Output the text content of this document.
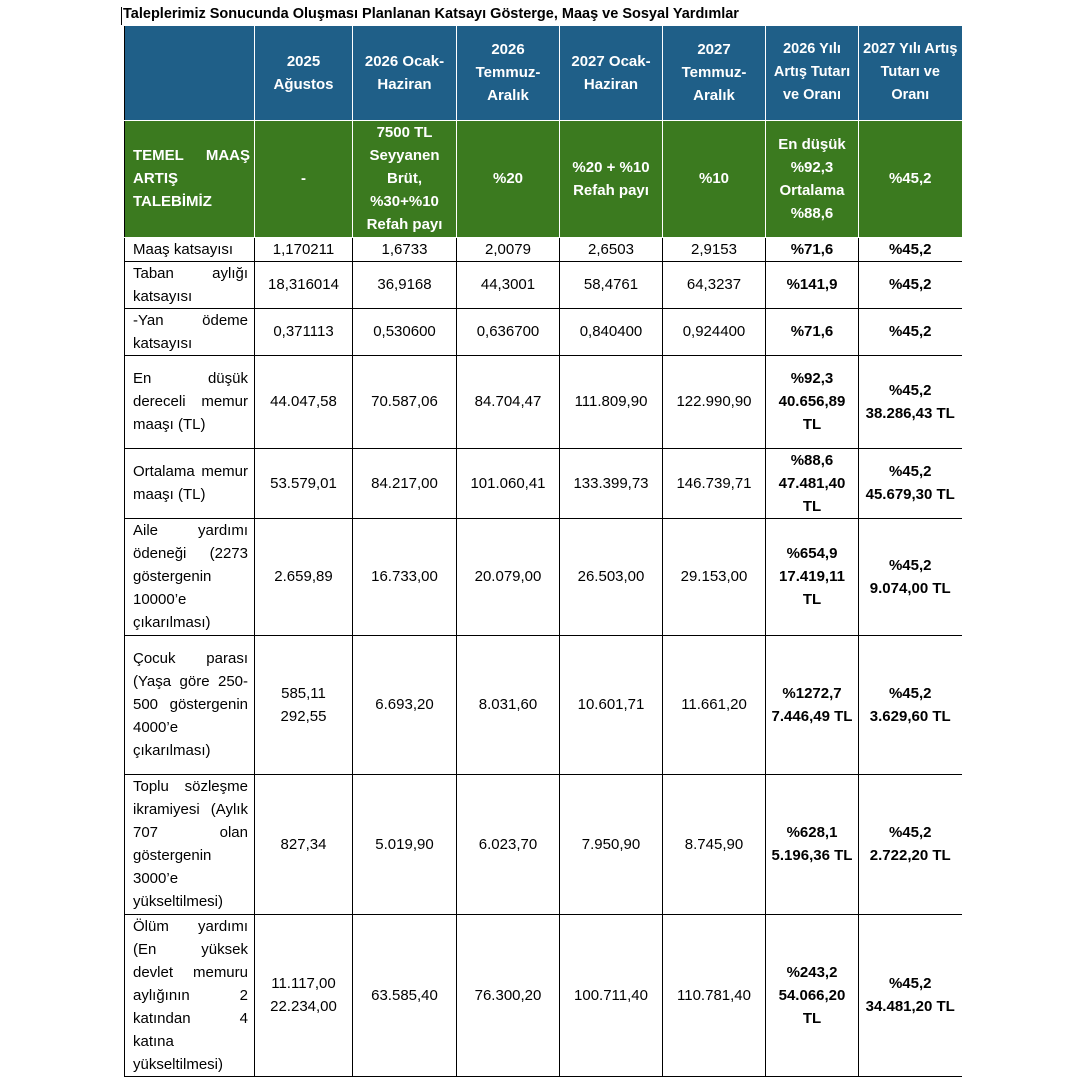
Taleplerimiz Sonucunda Oluşması Planlanan Katsayı Gösterge, Maaş ve Sosyal Yardımlar
	2025 Ağustos	2026 Ocak-Haziran	2026 Temmuz-Aralık	2027 Ocak-Haziran	2027 Temmuz-Aralık	2026 Yılı Artış Tutarı ve Oranı	2027 Yılı Artış Tutarı ve Oranı
TEMEL MAAŞ ARTIŞ TALEBİMİZ	-	7500 TL Seyyanen Brüt, %30+%10 Refah payı	%20	%20 + %10 Refah payı	%10	En düşük %92,3 Ortalama %88,6	%45,2
Maaş katsayısı	1,170211	1,6733	2,0079	2,6503	2,9153	%71,6	%45,2
Taban aylığı katsayısı	18,316014	36,9168	44,3001	58,4761	64,3237	%141,9	%45,2
-Yan ödeme katsayısı	0,371113	0,530600	0,636700	0,840400	0,924400	%71,6	%45,2
En düşük dereceli memur maaşı (TL)	44.047,58	70.587,06	84.704,47	111.809,90	122.990,90	%92,3 40.656,89 TL	%45,2 38.286,43 TL
Ortalama memur maaşı (TL)	53.579,01	84.217,00	101.060,41	133.399,73	146.739,71	%88,6 47.481,40 TL	%45,2 45.679,30 TL
Aile yardımı ödeneği (2273 göstergenin 10000’e çıkarılması)	2.659,89	16.733,00	20.079,00	26.503,00	29.153,00	%654,9 17.419,11 TL	%45,2 9.074,00 TL
Çocuk parası (Yaşa göre 250-500 göstergenin 4000’e çıkarılması)	585,11 292,55	6.693,20	8.031,60	10.601,71	11.661,20	%1272,7 7.446,49 TL	%45,2 3.629,60 TL
Toplu sözleşme ikramiyesi (Aylık 707 olan göstergenin 3000’e yükseltilmesi)	827,34	5.019,90	6.023,70	7.950,90	8.745,90	%628,1 5.196,36 TL	%45,2 2.722,20 TL
Ölüm yardımı (En yüksek devlet memuru aylığının 2 katından 4 katına yükseltilmesi)	11.117,00 22.234,00	63.585,40	76.300,20	100.711,40	110.781,40	%243,2 54.066,20 TL	%45,2 34.481,20 TL
